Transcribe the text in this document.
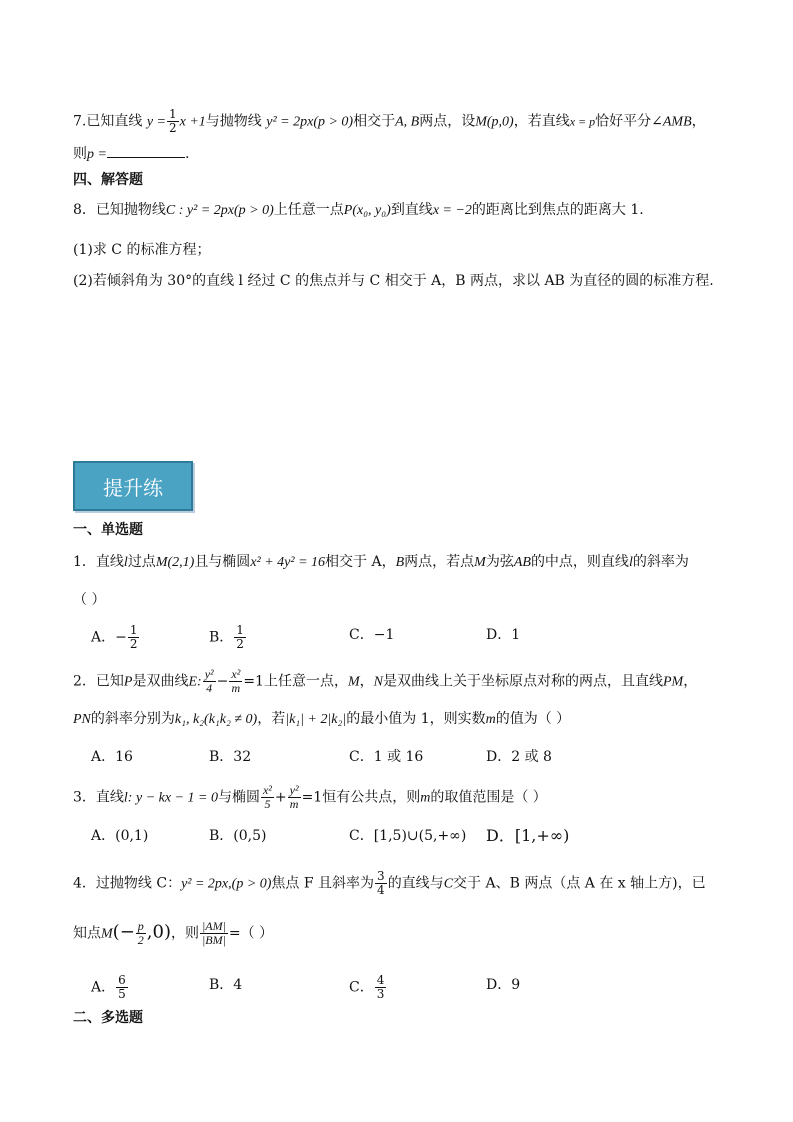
7.已知直线 $y = \frac{1}{2}$ x +1与抛物线 y² = 2px(p > 0)相交于A, B两点，设M(p,0)，若直线x = p恰好平分∠AMB，
则p =	.
四、解答题
8．已知抛物线C : y² = 2px(p > 0)上任意一点P(x₀, y₀)到直线x = −2的距离比到焦点的距离大 1.
(1)求 C 的标准方程；
(2)若倾斜角为 30°的直线 l 经过 C 的焦点并与 C 相交于 A，B 两点，求以 AB 为直径的圆的标准方程.
提升练
一、单选题
1．直线l过点M(2,1)且与椭圆x² + 4y² = 16相交于 A，B两点，若点M为弦AB的中点，则直线l的斜率为
（ ）
A．− $\frac{1}{2}$	B． $\frac{1}{2}$	C．−1	D．1
2．已知P是双曲线E: $\frac{\text{y²}}{4} - \frac{\text{x²}}{m} =1$上任意一点，M，N是双曲线上关于坐标原点对称的两点，且直线PM，
PN的斜率分别为k₁, k₂(k₁k₂ ≠ 0)，若|k₁| + 2|k₂|的最小值为 1，则实数m的值为（ ）
A．16	B．32	C．1 或 16	D．2 或 8
3．直线l: y − kx − 1 = 0与椭圆 $\frac{\text{x²}}{5} + \frac{\text{y²}}{m} =1$恒有公共点，则m的取值范围是（ ）
A．(0,1)	B．(0,5)	C．[1,5)∪(5,+∞) D．[1,+∞)
4．过抛物线 C：y² = 2px,(p > 0)焦点 F 且斜率为 $\frac{3}{4}$ 的直线与C交于 A、B 两点（点 A 在 x 轴上方)，已
知点$M(- \frac{p}{2} ,0)$，则 $\frac{|AM|}{|BM|}$ =（ ）
A． $\frac{6}{5}$	B．4	C． $\frac{4}{3}$	D．9
二、多选题
